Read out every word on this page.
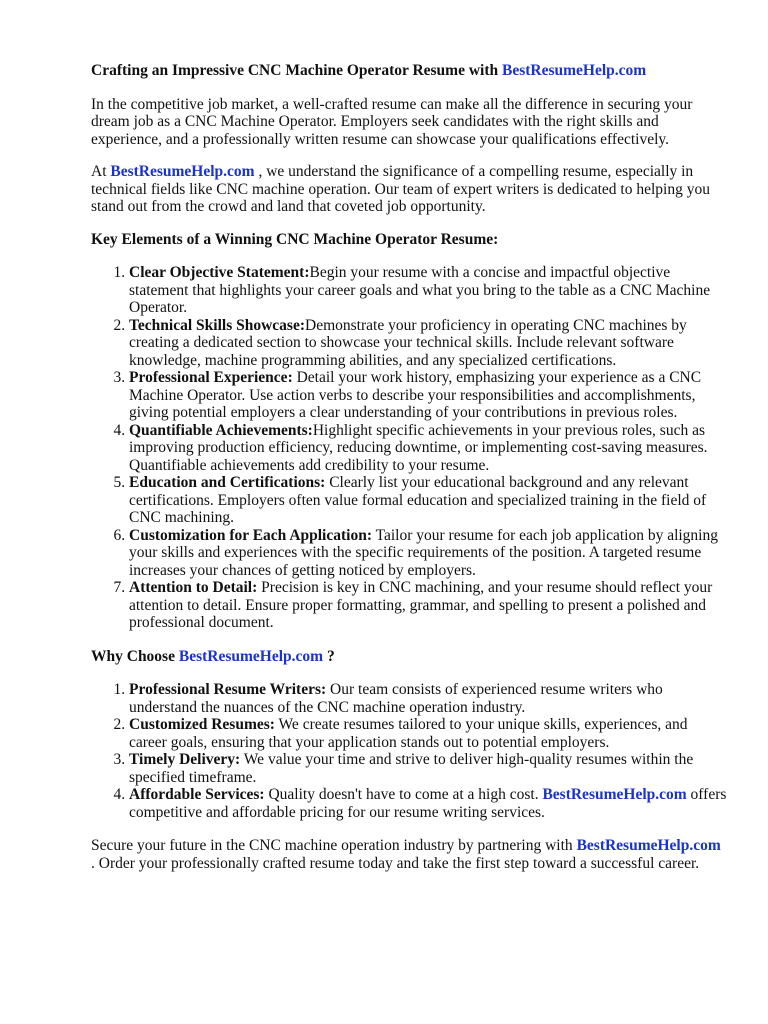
Crafting an Impressive CNC Machine Operator Resume with BestResumeHelp.com

In the competitive job market, a well-crafted resume can make all the difference in securing your dream job as a CNC Machine Operator. Employers seek candidates with the right skills and experience, and a professionally written resume can showcase your qualifications effectively.

At BestResumeHelp.com , we understand the significance of a compelling resume, especially in technical fields like CNC machine operation. Our team of expert writers is dedicated to helping you stand out from the crowd and land that coveted job opportunity.

Key Elements of a Winning CNC Machine Operator Resume:
1. Clear Objective Statement:Begin your resume with a concise and impactful objective statement that highlights your career goals and what you bring to the table as a CNC Machine Operator.
2. Technical Skills Showcase:Demonstrate your proficiency in operating CNC machines by creating a dedicated section to showcase your technical skills. Include relevant software knowledge, machine programming abilities, and any specialized certifications.
3. Professional Experience: Detail your work history, emphasizing your experience as a CNC Machine Operator. Use action verbs to describe your responsibilities and accomplishments, giving potential employers a clear understanding of your contributions in previous roles.
4. Quantifiable Achievements:Highlight specific achievements in your previous roles, such as improving production efficiency, reducing downtime, or implementing cost-saving measures. Quantifiable achievements add credibility to your resume.
5. Education and Certifications: Clearly list your educational background and any relevant certifications. Employers often value formal education and specialized training in the field of CNC machining.
6. Customization for Each Application: Tailor your resume for each job application by aligning your skills and experiences with the specific requirements of the position. A targeted resume increases your chances of getting noticed by employers.
7. Attention to Detail: Precision is key in CNC machining, and your resume should reflect your attention to detail. Ensure proper formatting, grammar, and spelling to present a polished and professional document.
Why Choose BestResumeHelp.com ?
1. Professional Resume Writers: Our team consists of experienced resume writers who understand the nuances of the CNC machine operation industry.
2. Customized Resumes: We create resumes tailored to your unique skills, experiences, and career goals, ensuring that your application stands out to potential employers.
3. Timely Delivery: We value your time and strive to deliver high-quality resumes within the specified timeframe.
4. Affordable Services: Quality doesn't have to come at a high cost. BestResumeHelp.com offers competitive and affordable pricing for our resume writing services.

Secure your future in the CNC machine operation industry by partnering with BestResumeHelp.com . Order your professionally crafted resume today and take the first step toward a successful career.
